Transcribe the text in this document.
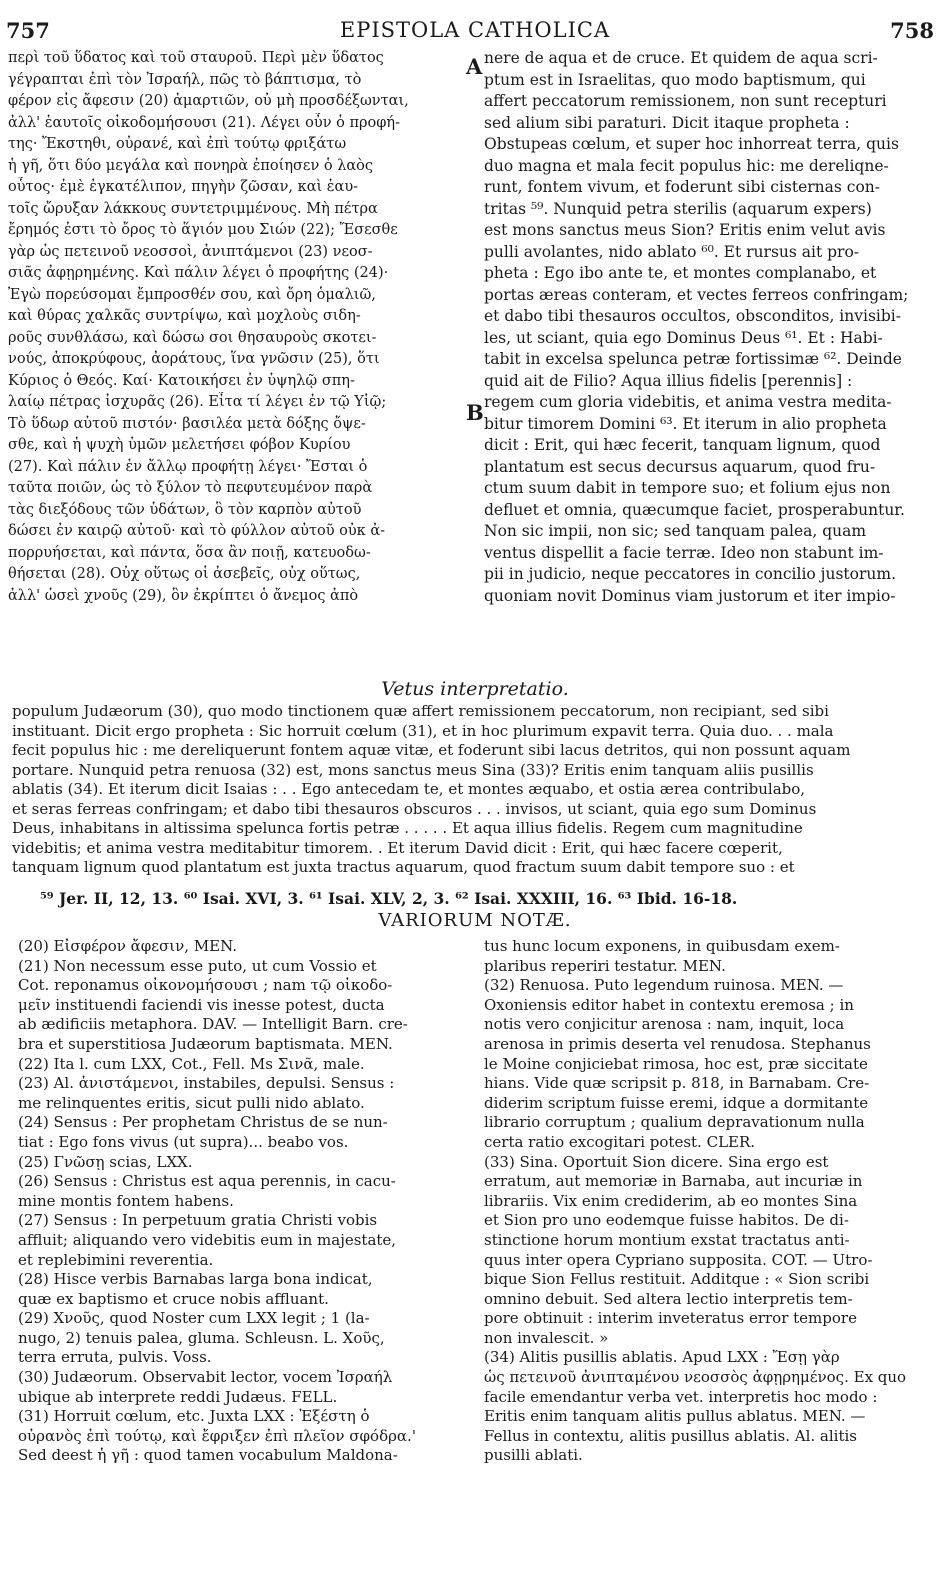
757	EPISTOLA CATHOLICA	758
περὶ τοῦ ὕδατος καὶ τοῦ σταυροῦ. Περὶ μὲν ὕδατος
γέγραπται ἐπὶ τὸν Ἰσραήλ, πῶς τὸ βάπτισμα, τὸ
φέρον εἰς ἄφεσιν (20) ἁμαρτιῶν, οὐ μὴ προσδέξωνται,
ἀλλ' ἑαυτοῖς οἰκοδομήσουσι (21). Λέγει οὖν ὁ προφή-
της· Ἔκστηθι, οὐρανέ, καὶ ἐπὶ τούτῳ φριξάτω
ἡ γῆ, ὅτι δύο μεγάλα καὶ πονηρὰ ἐποίησεν ὁ λαὸς
οὗτος· ἐμὲ ἐγκατέλιπον, πηγὴν ζῶσαν, καὶ ἑαυ-
τοῖς ὤρυξαν λάκκους συντετριμμένους. Μὴ πέτρα
ἔρημός ἐστι τὸ ὄρος τὸ ἅγιόν μου Σιών (22); Ἔσεσθε
γὰρ ὡς πετεινοῦ νεοσσοὶ, ἀνιπτάμενοι (23) νεοσ-
σιᾶς ἀφῃρημένης. Καὶ πάλιν λέγει ὁ προφήτης (24)·
Ἐγὼ πορεύσομαι ἔμπροσθέν σου, καὶ ὄρη ὁμαλιῶ,
καὶ θύρας χαλκᾶς συντρίψω, καὶ μοχλοὺς σιδη-
ροῦς συνθλάσω, καὶ δώσω σοι θησαυροὺς σκοτει-
νούς, ἀποκρύφους, ἀοράτους, ἵνα γνῶσιν (25), ὅτι
Κύριος ὁ Θεός. Καί· Κατοικήσει ἐν ὑψηλῷ σπη-
λαίῳ πέτρας ἰσχυρᾶς (26). Εἶτα τί λέγει ἐν τῷ Υἱῷ;
Τὸ ὕδωρ αὐτοῦ πιστόν· βασιλέα μετὰ δόξης ὄψε-
σθε, καὶ ἡ ψυχὴ ὑμῶν μελετήσει φόβον Κυρίου
(27). Καὶ πάλιν ἐν ἄλλῳ προφήτῃ λέγει· Ἔσται ὁ
ταῦτα ποιῶν, ὡς τὸ ξύλον τὸ πεφυτευμένον παρὰ
τὰς διεξόδους τῶν ὑδάτων, ὃ τὸν καρπὸν αὐτοῦ
δώσει ἐν καιρῷ αὐτοῦ· καὶ τὸ φύλλον αὐτοῦ οὐκ ἀ-
πορρυήσεται, καὶ πάντα, ὅσα ἂν ποιῇ, κατευοδω-
θήσεται (28). Οὐχ οὕτως οἱ ἀσεβεῖς, οὐχ οὕτως,
ἀλλ' ὡσεὶ χνοῦς (29), ὃν ἐκρίπτει ὁ ἄνεμος ἀπὸ
A
B
nere de aqua et de cruce. Et quidem de aqua scri-
ptum est in Israelitas, quo modo baptismum, qui
affert peccatorum remissionem, non sunt recepturi
sed alium sibi paraturi. Dicit itaque propheta :
Obstupeas cœlum, et super hoc inhorreat terra, quis
duo magna et mala fecit populus hic: me dereliqne-
runt, fontem vivum, et foderunt sibi cisternas con-
tritas ⁵⁹. Nunquid petra sterilis (aquarum expers)
est mons sanctus meus Sion? Eritis enim velut avis
pulli avolantes, nido ablato ⁶⁰. Et rursus ait pro-
pheta : Ego ibo ante te, et montes complanabo, et
portas æreas conteram, et vectes ferreos confringam;
et dabo tibi thesauros occultos, obsconditos, invisibi-
les, ut sciant, quia ego Dominus Deus ⁶¹. Et : Habi-
tabit in excelsa spelunca petræ fortissimæ ⁶². Deinde
quid ait de Filio? Aqua illius fidelis [perennis] :
regem cum gloria videbitis, et anima vestra medita-
bitur timorem Domini ⁶³. Et iterum in alio propheta
dicit : Erit, qui hæc fecerit, tanquam lignum, quod
plantatum est secus decursus aquarum, quod fru-
ctum suum dabit in tempore suo; et folium ejus non
defluet et omnia, quæcumque faciet, prosperabuntur.
Non sic impii, non sic; sed tanquam palea, quam
ventus dispellit a facie terræ. Ideo non stabunt im-
pii in judicio, neque peccatores in concilio justorum.
quoniam novit Dominus viam justorum et iter impio-
Vetus interpretatio.
populum Judæorum (30), quo modo tinctionem quæ affert remissionem peccatorum, non recipiant, sed sibi
instituant. Dicit ergo propheta : Sic horruit cœlum (31), et in hoc plurimum expavit terra. Quia duo. . . mala
fecit populus hic : me dereliquerunt fontem aquæ vitæ, et foderunt sibi lacus detritos, qui non possunt aquam
portare. Nunquid petra renuosa (32) est, mons sanctus meus Sina (33)? Eritis enim tanquam aliis pusillis
ablatis (34). Et iterum dicit Isaias : . . Ego antecedam te, et montes æquabo, et ostia ærea contribulabo,
et seras ferreas confringam; et dabo tibi thesauros obscuros . . . invisos, ut sciant, quia ego sum Dominus
Deus, inhabitans in altissima spelunca fortis petræ . . . . . Et aqua illius fidelis. Regem cum magnitudine
videbitis; et anima vestra meditabitur timorem. . Et iterum David dicit : Erit, qui hæc facere cœperit,
tanquam lignum quod plantatum est juxta tractus aquarum, quod fractum suum dabit tempore suo : et
⁵⁹ Jer. II, 12, 13. ⁶⁰ Isai. XVI, 3. ⁶¹ Isai. XLV, 2, 3. ⁶² Isai. XXXIII, 16. ⁶³ Ibid. 16-18.
VARIORUM NOTÆ.
(20) Εἰσφέρον ἄφεσιν, MEN.
(21) Non necessum esse puto, ut cum Vossio et
Cot. reponamus οἰκονομήσουσι ; nam τῷ οἰκοδο-
μεῖν instituendi faciendi vis inesse potest, ducta
ab ædificiis metaphora. DAV. — Intelligit Barn. cre-
bra et superstitiosa Judæorum baptismata. MEN.
(22) Ita l. cum LXX, Cot., Fell. Ms Σινᾶ, male.
(23) Al. ἀνιστάμενοι, instabiles, depulsi. Sensus :
me relinquentes eritis, sicut pulli nido ablato.
(24) Sensus : Per prophetam Christus de se nun-
tiat : Ego fons vivus (ut supra)... beabo vos.
(25) Γνῶσῃ scias, LXX.
(26) Sensus : Christus est aqua perennis, in cacu-
mine montis fontem habens.
(27) Sensus : In perpetuum gratia Christi vobis
affluit; aliquando vero videbitis eum in majestate,
et replebimini reverentia.
(28) Hisce verbis Barnabas larga bona indicat,
quæ ex baptismo et cruce nobis affluant.
(29) Χνοῦς, quod Noster cum LXX legit ; 1 (la-
nugo, 2) tenuis palea, gluma. Schleusn. L. Χοῦς,
terra erruta, pulvis. Voss.
(30) Judæorum. Observabit lector, vocem Ἰσραήλ
ubique ab interprete reddi Judæus. FELL.
(31) Horruit cœlum, etc. Juxta LXX : Ἐξέστη ὁ
οὐρανὸς ἐπὶ τούτῳ, καὶ ἔφριξεν ἐπὶ πλεῖον σφόδρα.'
Sed deest ἡ γῆ : quod tamen vocabulum Maldona-
tus hunc locum exponens, in quibusdam exem-
plaribus reperiri testatur. MEN.
(32) Renuosa. Puto legendum ruinosa. MEN. —
Oxoniensis editor habet in contextu eremosa ; in
notis vero conjicitur arenosa : nam, inquit, loca
arenosa in primis deserta vel renudosa. Stephanus
le Moine conjiciebat rimosa, hoc est, præ siccitate
hians. Vide quæ scripsit p. 818, in Barnabam. Cre-
diderim scriptum fuisse eremi, idque a dormitante
librario corruptum ; qualium depravationum nulla
certa ratio excogitari potest. CLER.
(33) Sina. Oportuit Sion dicere. Sina ergo est
erratum, aut memoriæ in Barnaba, aut incuriæ in
librariis. Vix enim crediderim, ab eo montes Sina
et Sion pro uno eodemque fuisse habitos. De di-
stinctione horum montium exstat tractatus anti-
quus inter opera Cypriano supposita. COT. — Utro-
bique Sion Fellus restituit. Additque : « Sion scribi
omnino debuit. Sed altera lectio interpretis tem-
pore obtinuit : interim inveteratus error tempore
non invalescit. »
(34) Alitis pusillis ablatis. Apud LXX : Ἔσῃ γὰρ
ὡς πετεινοῦ ἀνιπταμένου νεοσσὸς ἀφῃρημένος. Ex quo
facile emendantur verba vet. interpretis hoc modo :
Eritis enim tanquam alitis pullus ablatus. MEN. —
Fellus in contextu, alitis pusillus ablatis. Al. alitis
pusilli ablati.
